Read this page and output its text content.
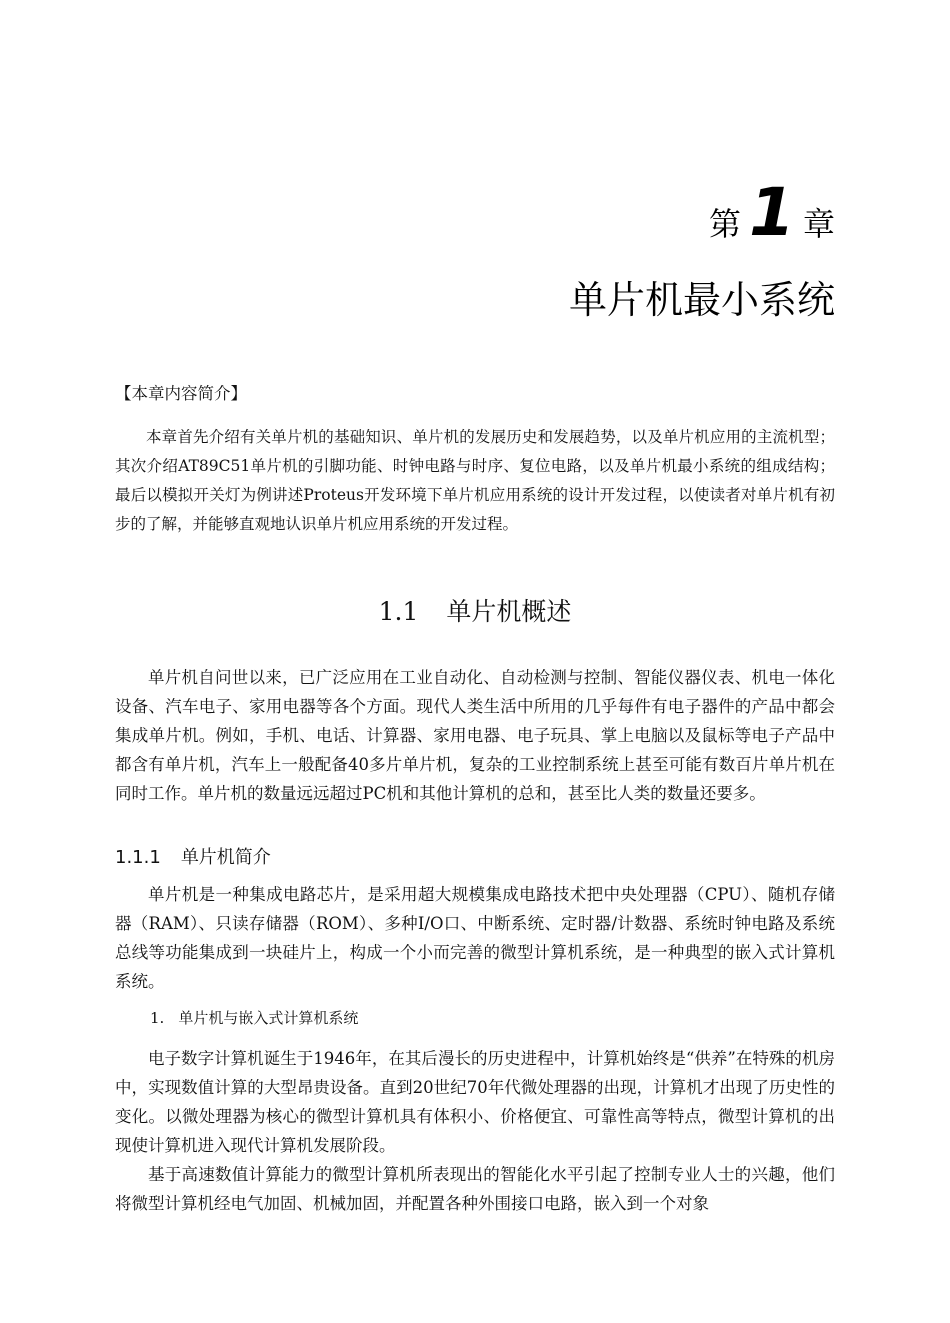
第 1 章
单片机最小系统
【本章内容简介】

本章首先介绍有关单片机的基础知识、单片机的发展历史和发展趋势，以及单片机应用的主流机型；其次介绍AT89C51单片机的引脚功能、时钟电路与时序、复位电路，以及单片机最小系统的组成结构；最后以模拟开关灯为例讲述Proteus开发环境下单片机应用系统的设计开发过程，以使读者对单片机有初步的了解，并能够直观地认识单片机应用系统的开发过程。

1.1 单片机概述

单片机自问世以来，已广泛应用在工业自动化、自动检测与控制、智能仪器仪表、机电一体化设备、汽车电子、家用电器等各个方面。现代人类生活中所用的几乎每件有电子器件的产品中都会集成单片机。例如，手机、电话、计算器、家用电器、电子玩具、掌上电脑以及鼠标等电子产品中都含有单片机，汽车上一般配备40多片单片机，复杂的工业控制系统上甚至可能有数百片单片机在同时工作。单片机的数量远远超过PC机和其他计算机的总和，甚至比人类的数量还要多。

1.1.1 单片机简介

单片机是一种集成电路芯片，是采用超大规模集成电路技术把中央处理器（CPU）、随机存储器（RAM）、只读存储器（ROM）、多种I/O口、中断系统、定时器/计数器、系统时钟电路及系统总线等功能集成到一块硅片上，构成一个小而完善的微型计算机系统，是一种典型的嵌入式计算机系统。

1. 单片机与嵌入式计算机系统

电子数字计算机诞生于1946年，在其后漫长的历史进程中，计算机始终是“供养”在特殊的机房中，实现数值计算的大型昂贵设备。直到20世纪70年代微处理器的出现，计算机才出现了历史性的变化。以微处理器为核心的微型计算机具有体积小、价格便宜、可靠性高等特点，微型计算机的出现使计算机进入现代计算机发展阶段。

基于高速数值计算能力的微型计算机所表现出的智能化水平引起了控制专业人士的兴趣，他们将微型计算机经电气加固、机械加固，并配置各种外围接口电路，嵌入到一个对象
